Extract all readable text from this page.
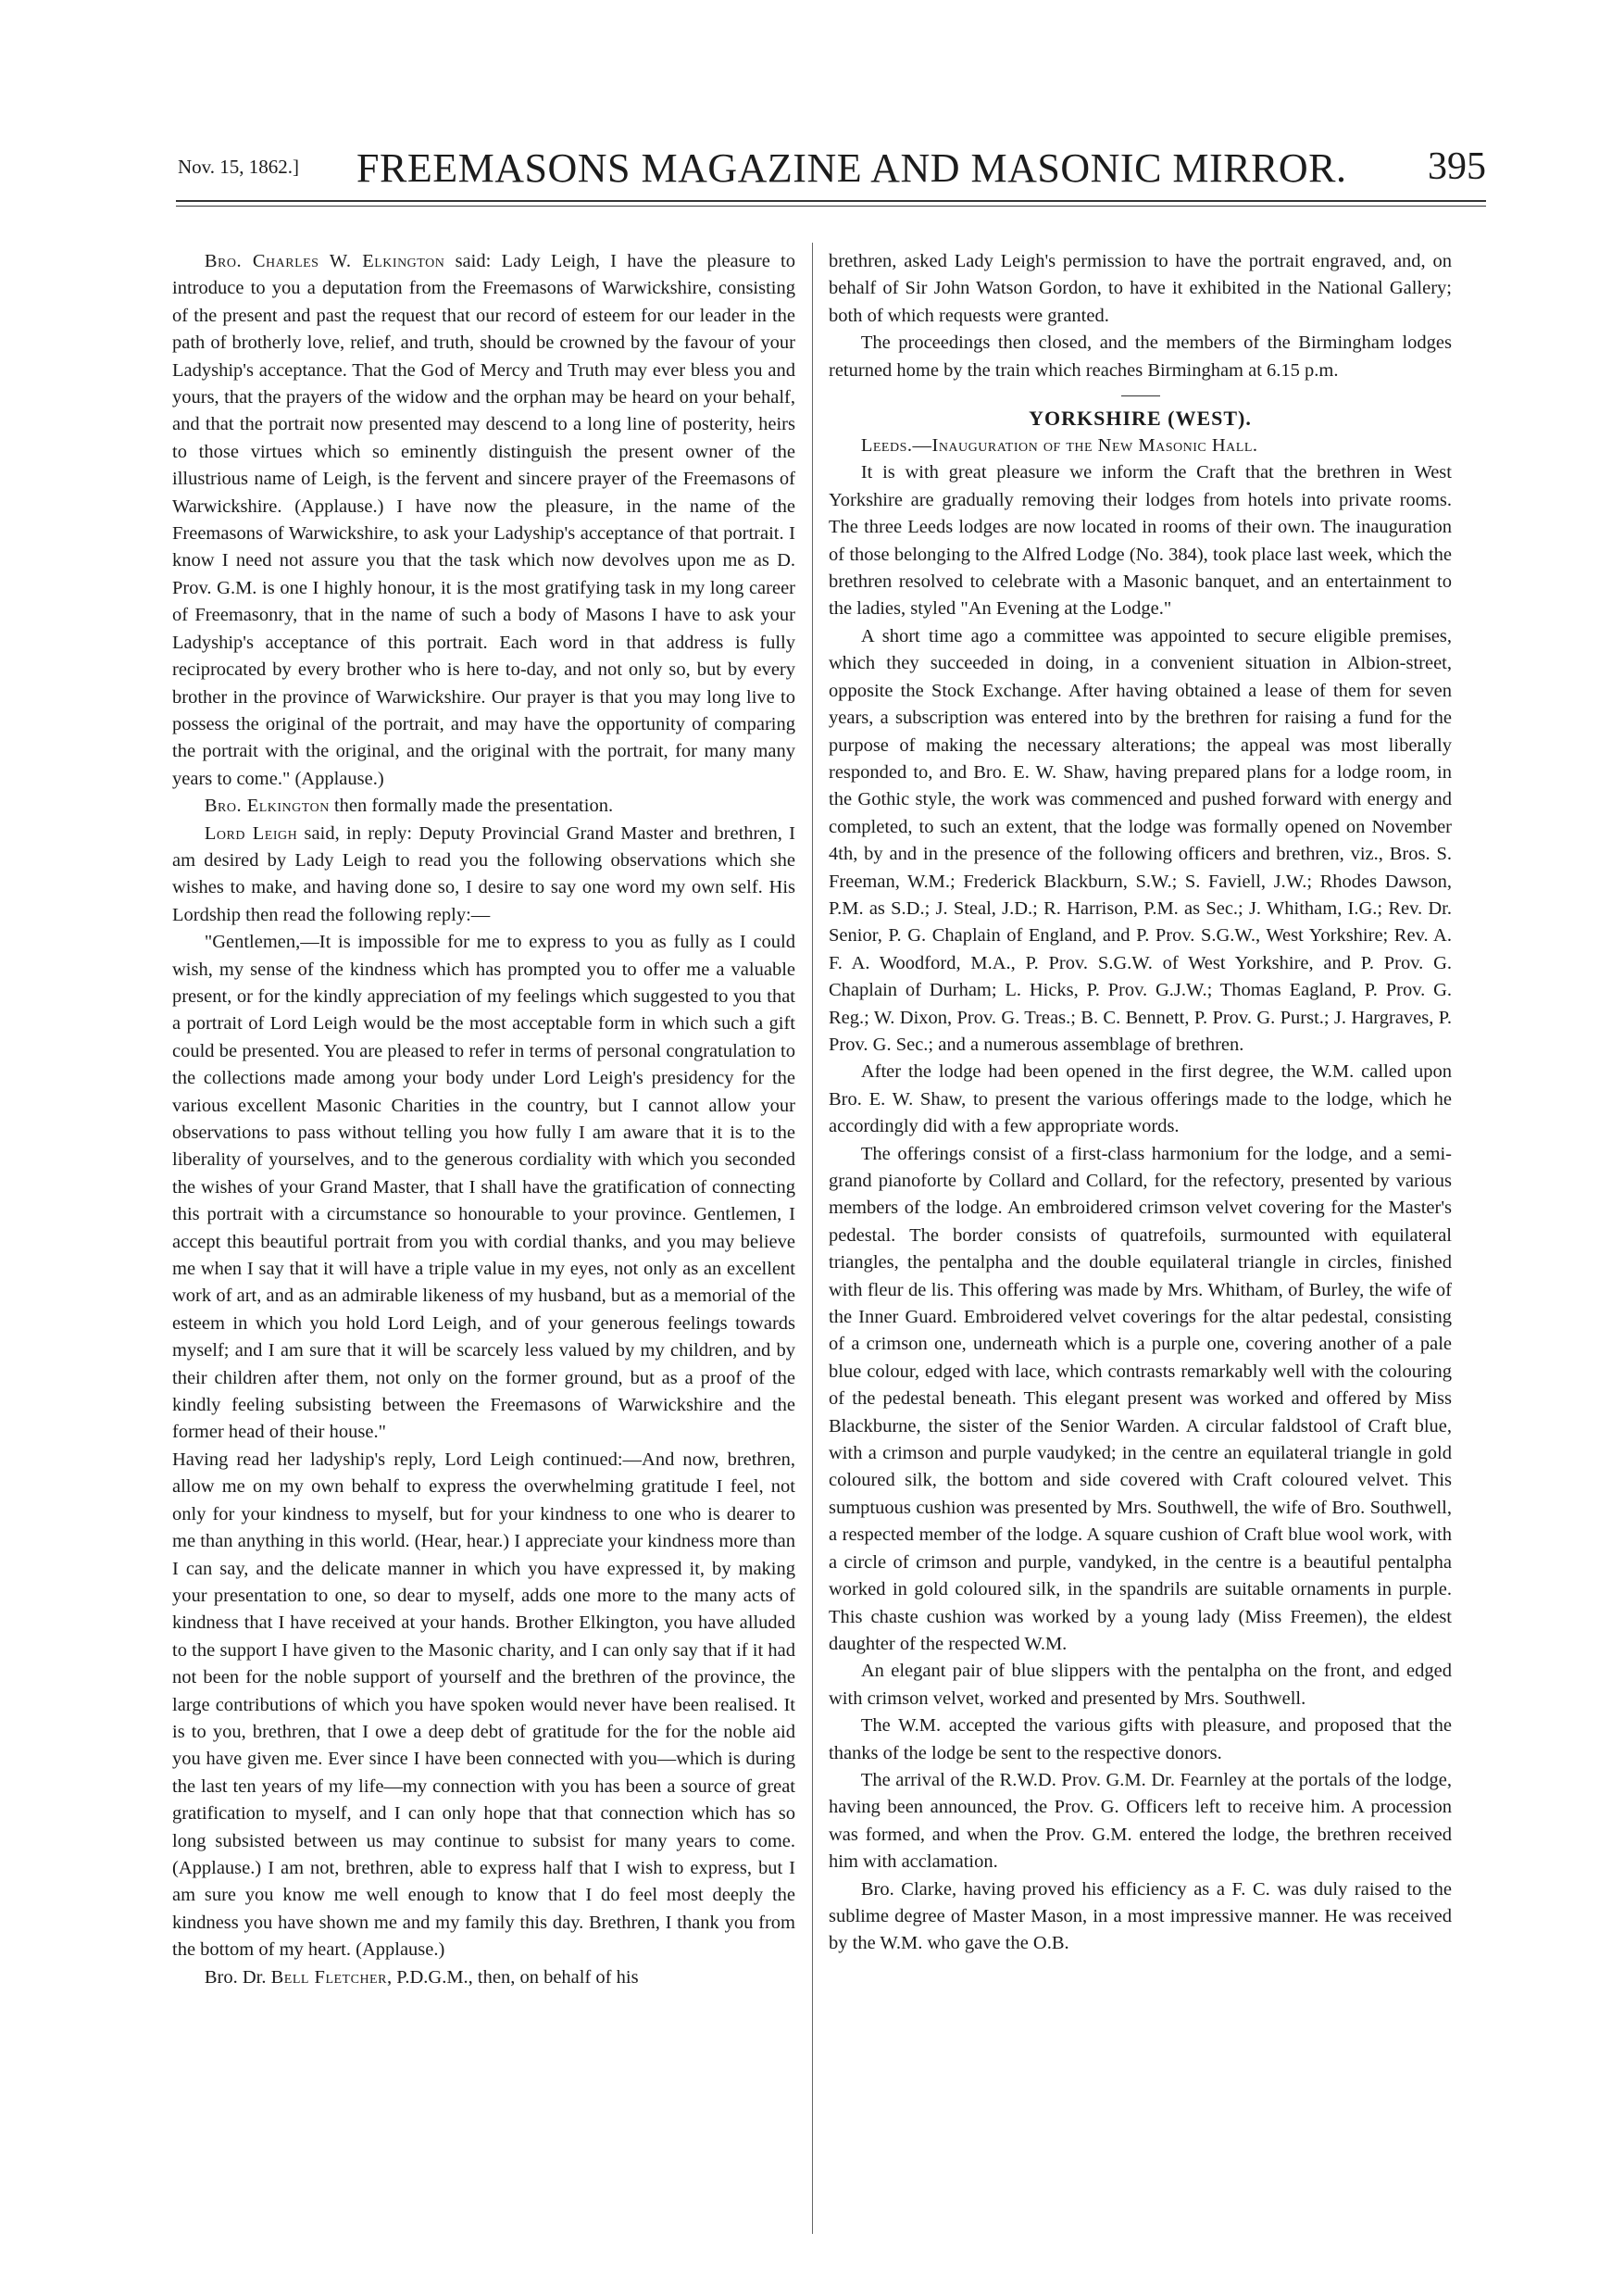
Nov. 15, 1862.] FREEMASONS MAGAZINE AND MASONIC MIRROR. 395

Bro. Charles W. Elkington said: Lady Leigh, I have the pleasure to introduce to you a deputation from the Freemasons of Warwickshire, consisting of the present and past the request that our record of esteem for our leader in the path of brotherly love, relief, and truth, should be crowned by the favour of your Ladyship's acceptance. That the God of Mercy and Truth may ever bless you and yours, that the prayers of the widow and the orphan may be heard on your behalf, and that the portrait now presented may descend to a long line of posterity, heirs to those virtues which so eminently distinguish the present owner of the illustrious name of Leigh, is the fervent and sincere prayer of the Freemasons of Warwickshire. (Applause.) I have now the pleasure, in the name of the Freemasons of Warwickshire, to ask your Ladyship's acceptance of that portrait. I know I need not assure you that the task which now devolves upon me as D. Prov. G.M. is one I highly honour, it is the most gratifying task in my long career of Freemasonry, that in the name of such a body of Masons I have to ask your Ladyship's acceptance of this portrait. Each word in that address is fully reciprocated by every brother who is here to-day, and not only so, but by every brother in the province of Warwickshire. Our prayer is that you may long live to possess the original of the portrait, and may have the opportunity of comparing the portrait with the original, and the original with the portrait, for many many years to come." (Applause.)

Bro. Elkington then formally made the presentation.

Lord Leigh said, in reply: Deputy Provincial Grand Master and brethren, I am desired by Lady Leigh to read you the following observations which she wishes to make, and having done so, I desire to say one word my own self. His Lordship then read the following reply:—

"Gentlemen,—It is impossible for me to express to you as fully as I could wish, my sense of the kindness which has prompted you to offer me a valuable present, or for the kindly appreciation of my feelings which suggested to you that a portrait of Lord Leigh would be the most acceptable form in which such a gift could be presented. You are pleased to refer in terms of personal congratulation to the collections made among your body under Lord Leigh's presidency for the various excellent Masonic Charities in the country, but I cannot allow your observations to pass without telling you how fully I am aware that it is to the liberality of yourselves, and to the generous cordiality with which you seconded the wishes of your Grand Master, that I shall have the gratification of connecting this portrait with a circumstance so honourable to your province. Gentlemen, I accept this beautiful portrait from you with cordial thanks, and you may believe me when I say that it will have a triple value in my eyes, not only as an excellent work of art, and as an admirable likeness of my husband, but as a memorial of the esteem in which you hold Lord Leigh, and of your generous feelings towards myself; and I am sure that it will be scarcely less valued by my children, and by their children after them, not only on the former ground, but as a proof of the kindly feeling subsisting between the Freemasons of Warwickshire and the former head of their house."

Having read her ladyship's reply, Lord Leigh continued:—And now, brethren, allow me on my own behalf to express the overwhelming gratitude I feel, not only for your kindness to myself, but for your kindness to one who is dearer to me than anything in this world. (Hear, hear.) I appreciate your kindness more than I can say, and the delicate manner in which you have expressed it, by making your presentation to one, so dear to myself, adds one more to the many acts of kindness that I have received at your hands. Brother Elkington, you have alluded to the support I have given to the Masonic charity, and I can only say that if it had not been for the noble support of yourself and the brethren of the province, the large contributions of which you have spoken would never have been realised. It is to you, brethren, that I owe a deep debt of gratitude for the for the noble aid you have given me. Ever since I have been connected with you—which is during the last ten years of my life—my connection with you has been a source of great gratification to myself, and I can only hope that that connection which has so long subsisted between us may continue to subsist for many years to come. (Applause.) I am not, brethren, able to express half that I wish to express, but I am sure you know me well enough to know that I do feel most deeply the kindness you have shown me and my family this day. Brethren, I thank you from the bottom of my heart. (Applause.)

Bro. Dr. Bell Fletcher, P.D.G.M., then, on behalf of his

brethren, asked Lady Leigh's permission to have the portrait engraved, and, on behalf of Sir John Watson Gordon, to have it exhibited in the National Gallery; both of which requests were granted.

The proceedings then closed, and the members of the Birmingham lodges returned home by the train which reaches Birmingham at 6.15 p.m.

YORKSHIRE (WEST).

Leeds.—Inauguration of the New Masonic Hall.

It is with great pleasure we inform the Craft that the brethren in West Yorkshire are gradually removing their lodges from hotels into private rooms. The three Leeds lodges are now located in rooms of their own. The inauguration of those belonging to the Alfred Lodge (No. 384), took place last week, which the brethren resolved to celebrate with a Masonic banquet, and an entertainment to the ladies, styled "An Evening at the Lodge."

A short time ago a committee was appointed to secure eligible premises, which they succeeded in doing, in a convenient situation in Albion-street, opposite the Stock Exchange. After having obtained a lease of them for seven years, a subscription was entered into by the brethren for raising a fund for the purpose of making the necessary alterations; the appeal was most liberally responded to, and Bro. E. W. Shaw, having prepared plans for a lodge room, in the Gothic style, the work was commenced and pushed forward with energy and completed, to such an extent, that the lodge was formally opened on November 4th, by and in the presence of the following officers and brethren, viz., Bros. S. Freeman, W.M.; Frederick Blackburn, S.W.; S. Faviell, J.W.; Rhodes Dawson, P.M. as S.D.; J. Steal, J.D.; R. Harrison, P.M. as Sec.; J. Whitham, I.G.; Rev. Dr. Senior, P. G. Chaplain of England, and P. Prov. S.G.W., West Yorkshire; Rev. A. F. A. Woodford, M.A., P. Prov. S.G.W. of West Yorkshire, and P. Prov. G. Chaplain of Durham; L. Hicks, P. Prov. G.J.W.; Thomas Eagland, P. Prov. G. Reg.; W. Dixon, Prov. G. Treas.; B. C. Bennett, P. Prov. G. Purst.; J. Hargraves, P. Prov. G. Sec.; and a numerous assemblage of brethren.

After the lodge had been opened in the first degree, the W.M. called upon Bro. E. W. Shaw, to present the various offerings made to the lodge, which he accordingly did with a few appropriate words.

The offerings consist of a first-class harmonium for the lodge, and a semi-grand pianoforte by Collard and Collard, for the refectory, presented by various members of the lodge. An embroidered crimson velvet covering for the Master's pedestal. The border consists of quatrefoils, surmounted with equilateral triangles, the pentalpha and the double equilateral triangle in circles, finished with fleur de lis. This offering was made by Mrs. Whitham, of Burley, the wife of the Inner Guard. Embroidered velvet coverings for the altar pedestal, consisting of a crimson one, underneath which is a purple one, covering another of a pale blue colour, edged with lace, which contrasts remarkably well with the colouring of the pedestal beneath. This elegant present was worked and offered by Miss Blackburne, the sister of the Senior Warden. A circular faldstool of Craft blue, with a crimson and purple vaudyked; in the centre an equilateral triangle in gold coloured silk, the bottom and side covered with Craft coloured velvet. This sumptuous cushion was presented by Mrs. Southwell, the wife of Bro. Southwell, a respected member of the lodge. A square cushion of Craft blue wool work, with a circle of crimson and purple, vandyked, in the centre is a beautiful pentalpha worked in gold coloured silk, in the spandrils are suitable ornaments in purple. This chaste cushion was worked by a young lady (Miss Freemen), the eldest daughter of the respected W.M.

An elegant pair of blue slippers with the pentalpha on the front, and edged with crimson velvet, worked and presented by Mrs. Southwell.

The W.M. accepted the various gifts with pleasure, and proposed that the thanks of the lodge be sent to the respective donors.

The arrival of the R.W.D. Prov. G.M. Dr. Fearnley at the portals of the lodge, having been announced, the Prov. G. Officers left to receive him. A procession was formed, and when the Prov. G.M. entered the lodge, the brethren received him with acclamation.

Bro. Clarke, having proved his efficiency as a F. C. was duly raised to the sublime degree of Master Mason, in a most impressive manner. He was received by the W.M. who gave the O.B.
